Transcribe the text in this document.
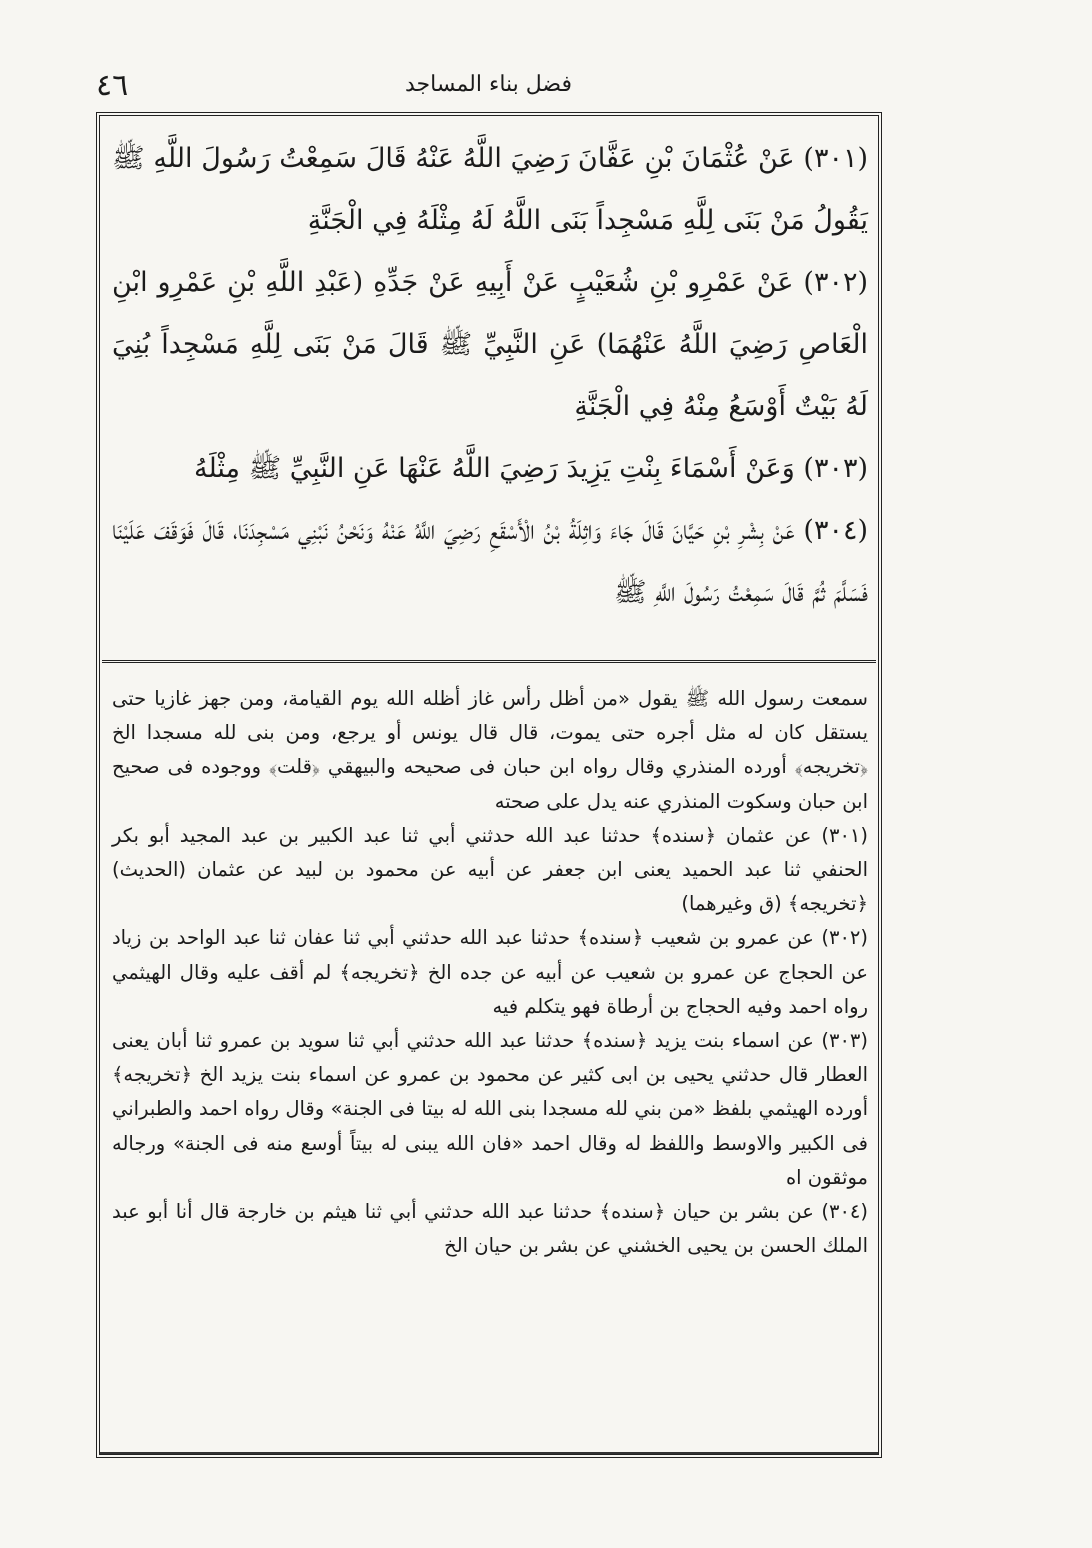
٤٦	فضل بناء المساجد

(٣٠١) عَنْ عُثْمَانَ بْنِ عَفَّانَ رَضِيَ اللَّهُ عَنْهُ قَالَ سَمِعْتُ رَسُولَ اللَّهِ ﷺ يَقُولُ مَنْ بَنَى لِلَّهِ مَسْجِداً بَنَى اللَّهُ لَهُ مِثْلَهُ فِي الْجَنَّةِ

(٣٠٢) عَنْ عَمْرِو بْنِ شُعَيْبٍ عَنْ أَبِيهِ عَنْ جَدِّهِ (عَبْدِ اللَّهِ بْنِ عَمْرِو ابْنِ الْعَاصِ رَضِيَ اللَّهُ عَنْهُمَا) عَنِ النَّبِيِّ ﷺ قَالَ مَنْ بَنَى لِلَّهِ مَسْجِداً بُنِيَ لَهُ بَيْتٌ أَوْسَعُ مِنْهُ فِي الْجَنَّةِ

(٣٠٣) وَعَنْ أَسْمَاءَ بِنْتِ يَزِيدَ رَضِيَ اللَّهُ عَنْهَا عَنِ النَّبِيِّ ﷺ مِثْلَهُ

(٣٠٤) عَنْ بِشْرِ بْنِ حَيَّانَ قَالَ جَاءَ وَاثِلَةُ بْنُ الْأَسْقَعِ رَضِيَ اللَّهُ عَنْهُ وَنَحْنُ نَبْنِي مَسْجِدَنَا، قَالَ فَوَقَفَ عَلَيْنَا فَسَلَّمَ ثُمَّ قَالَ سَمِعْتُ رَسُولَ اللَّهِ ﷺ

سمعت رسول الله ﷺ يقول «من أظل رأس غاز أظله الله يوم القيامة، ومن جهز غازيا حتى يستقل كان له مثل أجره حتى يموت، قال قال يونس أو يرجع، ومن بنى لله مسجدا الخ ﴿تخريجه﴾ أورده المنذري وقال رواه ابن حبان فى صحيحه والبيهقي ﴿قلت﴾ ووجوده فى صحيح ابن حبان وسكوت المنذري عنه يدل على صحته

(٣٠١) عن عثمان ﴿سنده﴾ حدثنا عبد الله حدثني أبي ثنا عبد الكبير بن عبد المجيد أبو بكر الحنفي ثنا عبد الحميد يعنى ابن جعفر عن أبيه عن محمود بن لبيد عن عثمان (الحديث) ﴿تخريجه﴾ (ق وغيرهما)

(٣٠٢) عن عمرو بن شعيب ﴿سنده﴾ حدثنا عبد الله حدثني أبي ثنا عفان ثنا عبد الواحد بن زياد عن الحجاج عن عمرو بن شعيب عن أبيه عن جده الخ ﴿تخريجه﴾ لم أقف عليه وقال الهيثمي رواه احمد وفيه الحجاج بن أرطاة فهو يتكلم فيه

(٣٠٣) عن اسماء بنت يزيد ﴿سنده﴾ حدثنا عبد الله حدثني أبي ثنا سويد بن عمرو ثنا أبان يعنى العطار قال حدثني يحيى بن ابى كثير عن محمود بن عمرو عن اسماء بنت يزيد الخ ﴿تخريجه﴾ أورده الهيثمي بلفظ «من بني لله مسجدا بنى الله له بيتا فى الجنة» وقال رواه احمد والطبراني فى الكبير والاوسط واللفظ له وقال احمد «فان الله يبنى له بيتاً أوسع منه فى الجنة» ورجاله موثقون اه

(٣٠٤) عن بشر بن حيان ﴿سنده﴾ حدثنا عبد الله حدثني أبي ثنا هيثم بن خارجة قال أنا أبو عبد الملك الحسن بن يحيى الخشني عن بشر بن حيان الخ
